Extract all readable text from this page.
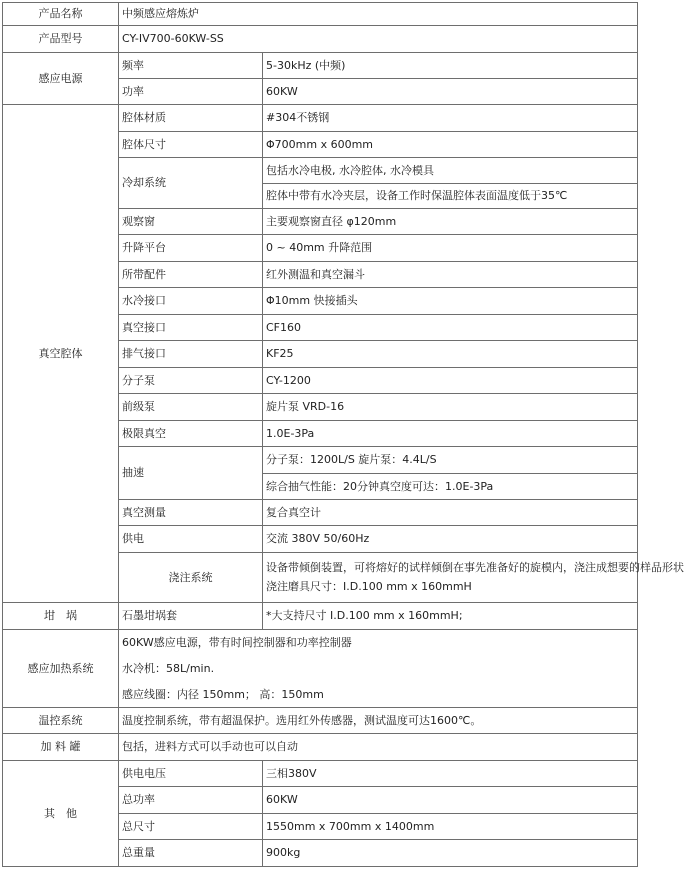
产品名称	中频感应熔炼炉	
产品型号	CY-IV700-60KW-SS	
感应电源	频率	5-30kHz (中频)
	功率	60KW
真空腔体	腔体材质	#304不锈钢
	腔体尺寸	Φ700mm x 600mm
	冷却系统	包括水冷电极, 水冷腔体, 水冷模具
腔体中带有水冷夹层，设备工作时保温腔体表面温度低于35℃

	观察窗	主要观察窗直径 φ120mm
	升降平台	0 ~ 40mm 升降范围
	所带配件	红外测温和真空漏斗
	水冷接口	Φ10mm 快接插头
	真空接口	CF160
	排气接口	KF25
	分子泵	CY-1200
	前级泵	旋片泵 VRD-16
	极限真空	1.0E-3Pa
	抽速	分子泵：1200L/S 旋片泵：4.4L/S
综合抽气性能：20分钟真空度可达：1.0E-3Pa

	真空测量	复合真空计
	供电	交流 380V 50/60Hz
	浇注系统	设备带倾倒装置，可将熔好的试样倾倒在事先准备好的旋模内，浇注成想要的样品形状
浇注磨具尺寸：I.D.100 mm x 160mmH

坩　埚	石墨坩埚套	*大支持尺寸 I.D.100 mm x 160mmH;
感应加热系统	60KW感应电源，带有时间控制器和功率控制器
水冷机：58L/min.
感应线圈：内径 150mm； 高：150mm	

温控系统	温度控制系统，带有超温保护。选用红外传感器，测试温度可达1600℃。	
加 料 罐	包括，进料方式可以手动也可以自动	
其　他	供电电压	三相380V
	总功率	60KW
	总尺寸	1550mm x 700mm x 1400mm
	总重量	900kg
